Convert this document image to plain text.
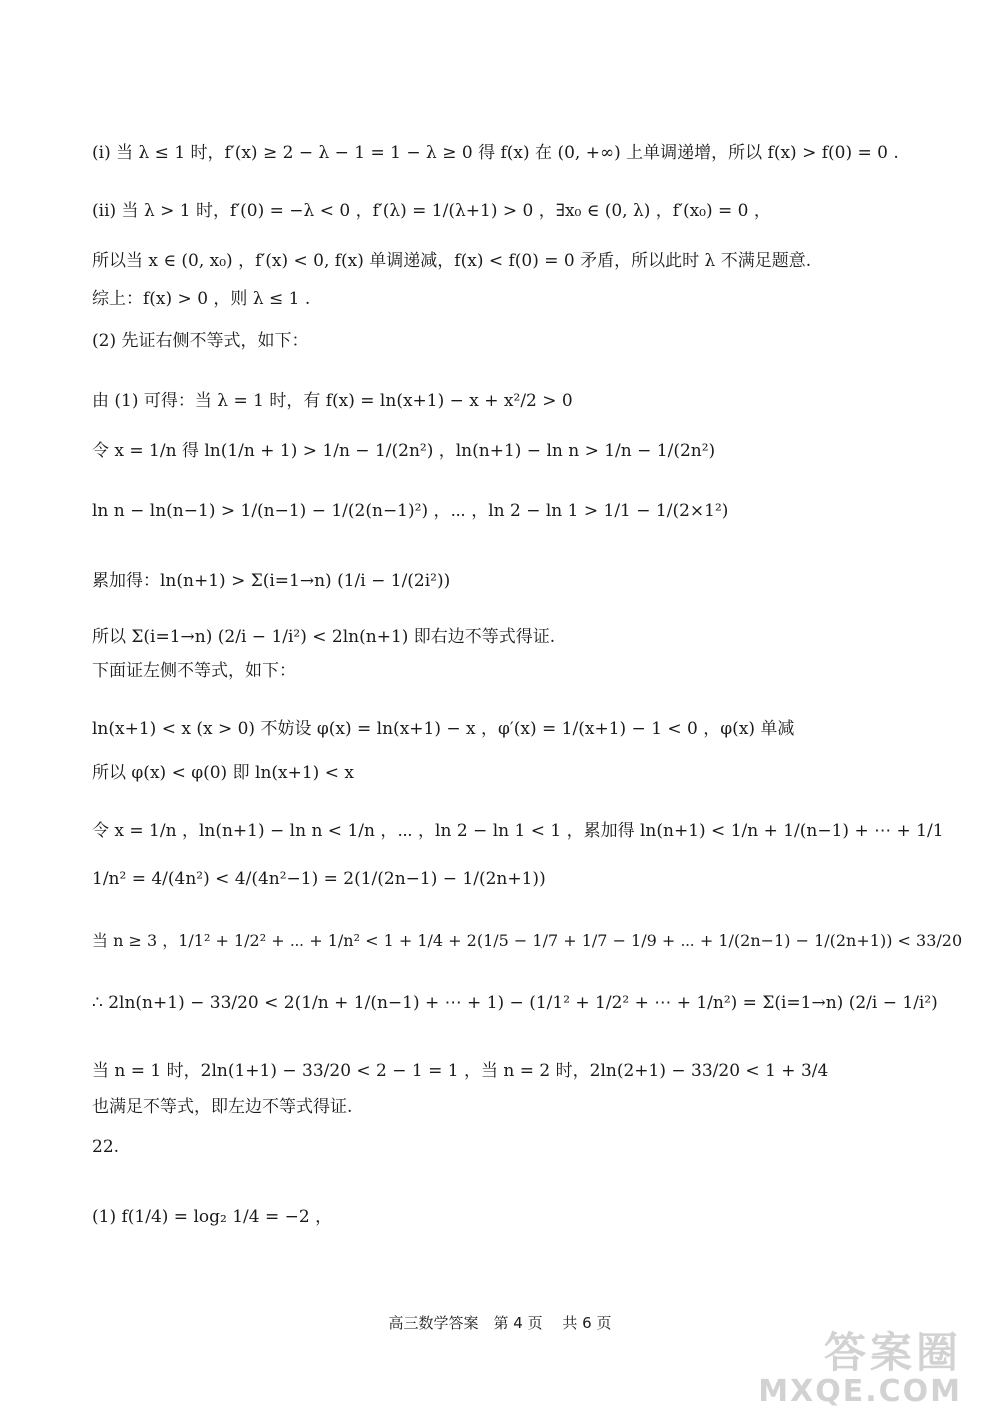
(i) 当 λ ≤ 1 时，f′(x) ≥ 2 − λ − 1 = 1 − λ ≥ 0 得 f(x) 在 (0, +∞) 上单调递增，所以 f(x) > f(0) = 0 .
(ii) 当 λ > 1 时，f′(0) = −λ < 0 ，f′(λ) = 1/(λ+1) > 0 ，∃x₀ ∈ (0, λ) ，f′(x₀) = 0 ，
所以当 x ∈ (0, x₀) ，f′(x) < 0, f(x) 单调递减，f(x) < f(0) = 0 矛盾，所以此时 λ 不满足题意.
综上：f(x) > 0 ，则 λ ≤ 1 .
(2) 先证右侧不等式，如下：
由 (1) 可得：当 λ = 1 时，有 f(x) = ln(x+1) − x + x²/2 > 0
令 x = 1/n 得 ln(1/n + 1) > 1/n − 1/(2n²) ，ln(n+1) − ln n > 1/n − 1/(2n²)
ln n − ln(n−1) > 1/(n−1) − 1/(2(n−1)²) ，⋯ ，ln 2 − ln 1 > 1/1 − 1/(2×1²)
累加得：ln(n+1) > Σ(i=1→n) (1/i − 1/(2i²))
所以 Σ(i=1→n) (2/i − 1/i²) < 2ln(n+1) 即右边不等式得证.
下面证左侧不等式，如下：
ln(x+1) < x (x > 0) 不妨设 φ(x) = ln(x+1) − x ，φ′(x) = 1/(x+1) − 1 < 0 ，φ(x) 单减
所以 φ(x) < φ(0) 即 ln(x+1) < x
令 x = 1/n ，ln(n+1) − ln n < 1/n ，⋯ ，ln 2 − ln 1 < 1 ，累加得 ln(n+1) < 1/n + 1/(n−1) + ⋯ + 1/1
1/n² = 4/(4n²) < 4/(4n²−1) = 2(1/(2n−1) − 1/(2n+1))
当 n ≥ 3 ，1/1² + 1/2² + ⋯ + 1/n² < 1 + 1/4 + 2(1/5 − 1/7 + 1/7 − 1/9 + ⋯ + 1/(2n−1) − 1/(2n+1)) < 33/20
∴ 2ln(n+1) − 33/20 < 2(1/n + 1/(n−1) + ⋯ + 1) − (1/1² + 1/2² + ⋯ + 1/n²) = Σ(i=1→n) (2/i − 1/i²)
当 n = 1 时，2ln(1+1) − 33/20 < 2 − 1 = 1 ，当 n = 2 时，2ln(2+1) − 33/20 < 1 + 3/4
也满足不等式，即左边不等式得证.
22.
(1) f(1/4) = log₂ 1/4 = −2 ，
高三数学答案　第 4 页　 共 6 页
答案圈
MXQE.COM
